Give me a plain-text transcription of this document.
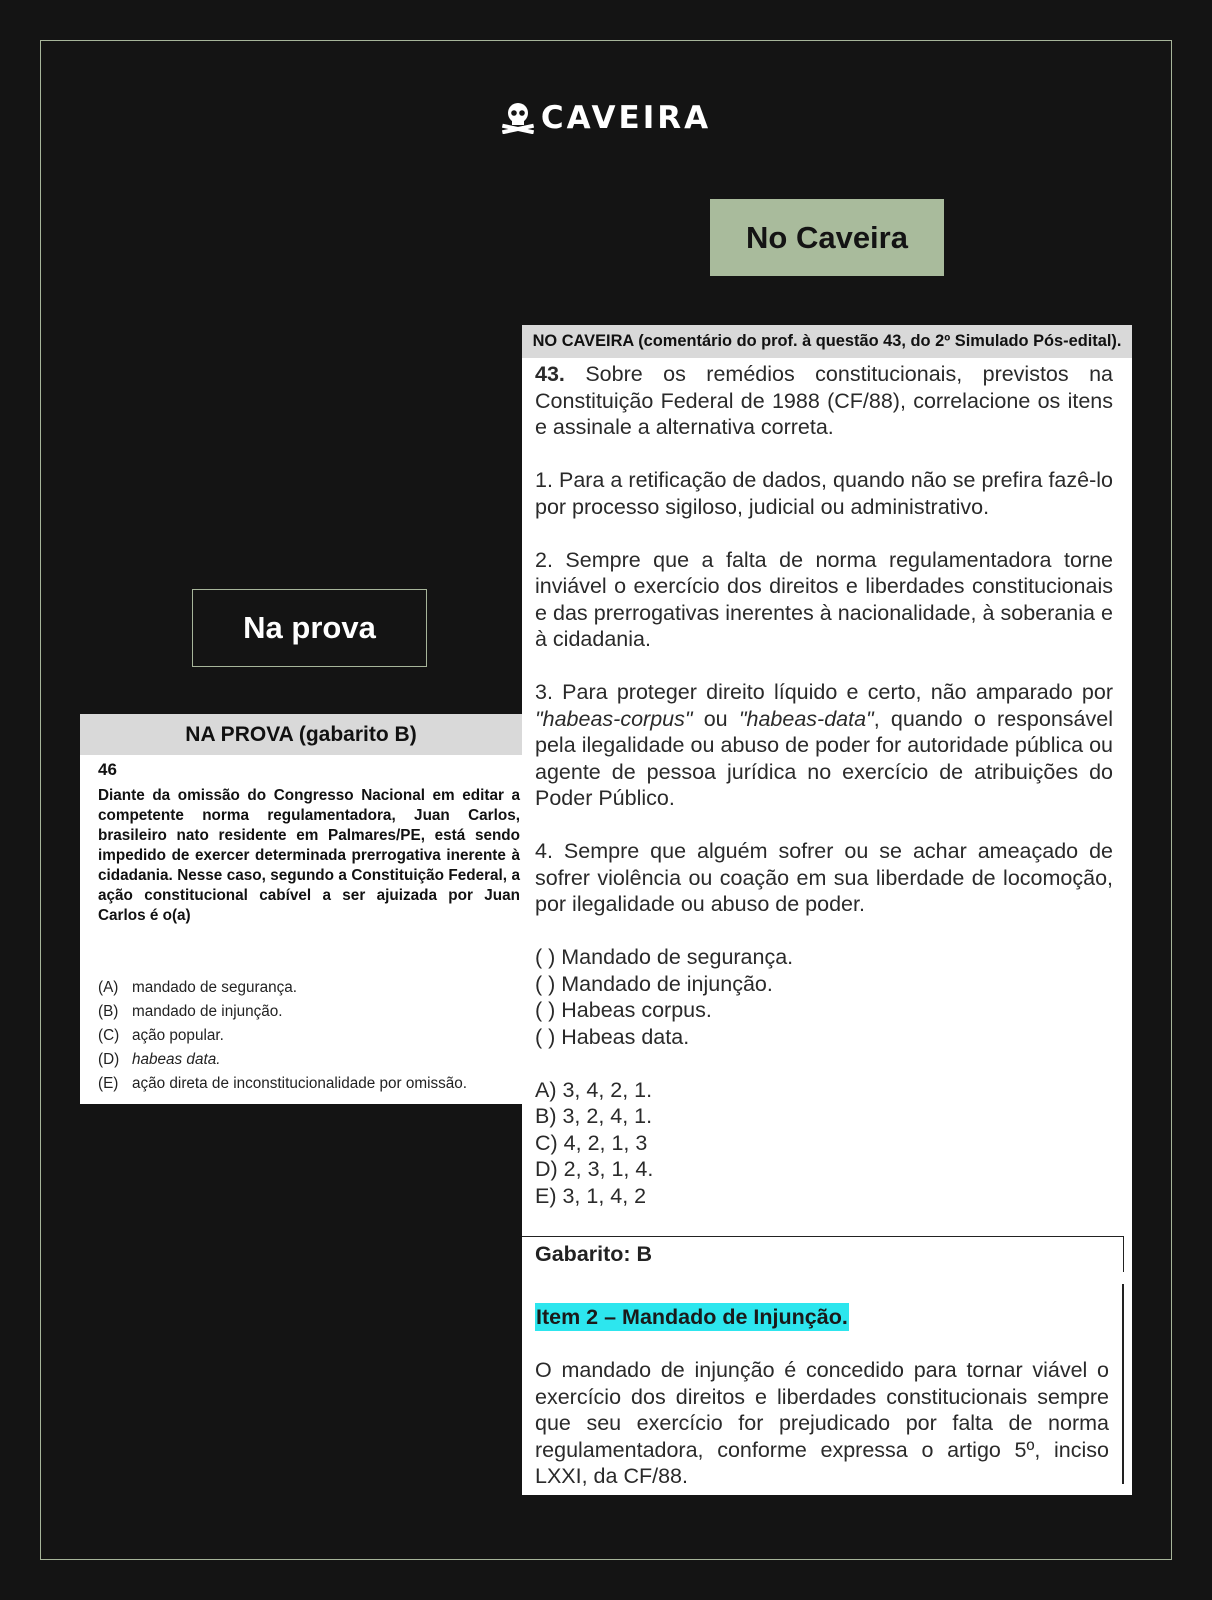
CAVEIRA
No Caveira
Na prova
NA PROVA (gabarito B)
46
Diante da omissão do Congresso Nacional em editar a competente norma regulamentadora, Juan Carlos, brasileiro nato residente em Palmares/PE, está sendo impedido de exercer determinada prerrogativa inerente à cidadania. Nesse caso, segundo a Constituição Federal, a ação constitucional cabível a ser ajuizada por Juan Carlos é o(a)
(A) mandado de segurança.
(B) mandado de injunção.
(C) ação popular.
(D) habeas data.
(E) ação direta de inconstitucionalidade por omissão.
NO CAVEIRA (comentário do prof. à questão 43, do 2º Simulado Pós-edital).

43. Sobre os remédios constitucionais, previstos na Constituição Federal de 1988 (CF/88), correlacione os itens e assinale a alternativa correta.

1. Para a retificação de dados, quando não se prefira fazê-lo por processo sigiloso, judicial ou administrativo.

2. Sempre que a falta de norma regulamentadora torne inviável o exercício dos direitos e liberdades constitucionais e das prerrogativas inerentes à nacionalidade, à soberania e à cidadania.

3. Para proteger direito líquido e certo, não amparado por "habeas-corpus" ou "habeas-data", quando o responsável pela ilegalidade ou abuso de poder for autoridade pública ou agente de pessoa jurídica no exercício de atribuições do Poder Público.

4. Sempre que alguém sofrer ou se achar ameaçado de sofrer violência ou coação em sua liberdade de locomoção, por ilegalidade ou abuso de poder.

( ) Mandado de segurança.
( ) Mandado de injunção.
( ) Habeas corpus.
( ) Habeas data.
A) 3, 4, 2, 1.
B) 3, 2, 4, 1.
C) 4, 2, 1, 3
D) 2, 3, 1, 4.
E) 3, 1, 4, 2
Gabarito: B
Item 2 – Mandado de Injunção.
O mandado de injunção é concedido para tornar viável o exercício dos direitos e liberdades constitucionais sempre que seu exercício for prejudicado por falta de norma regulamentadora, conforme expressa o artigo 5º, inciso LXXI, da CF/88.
